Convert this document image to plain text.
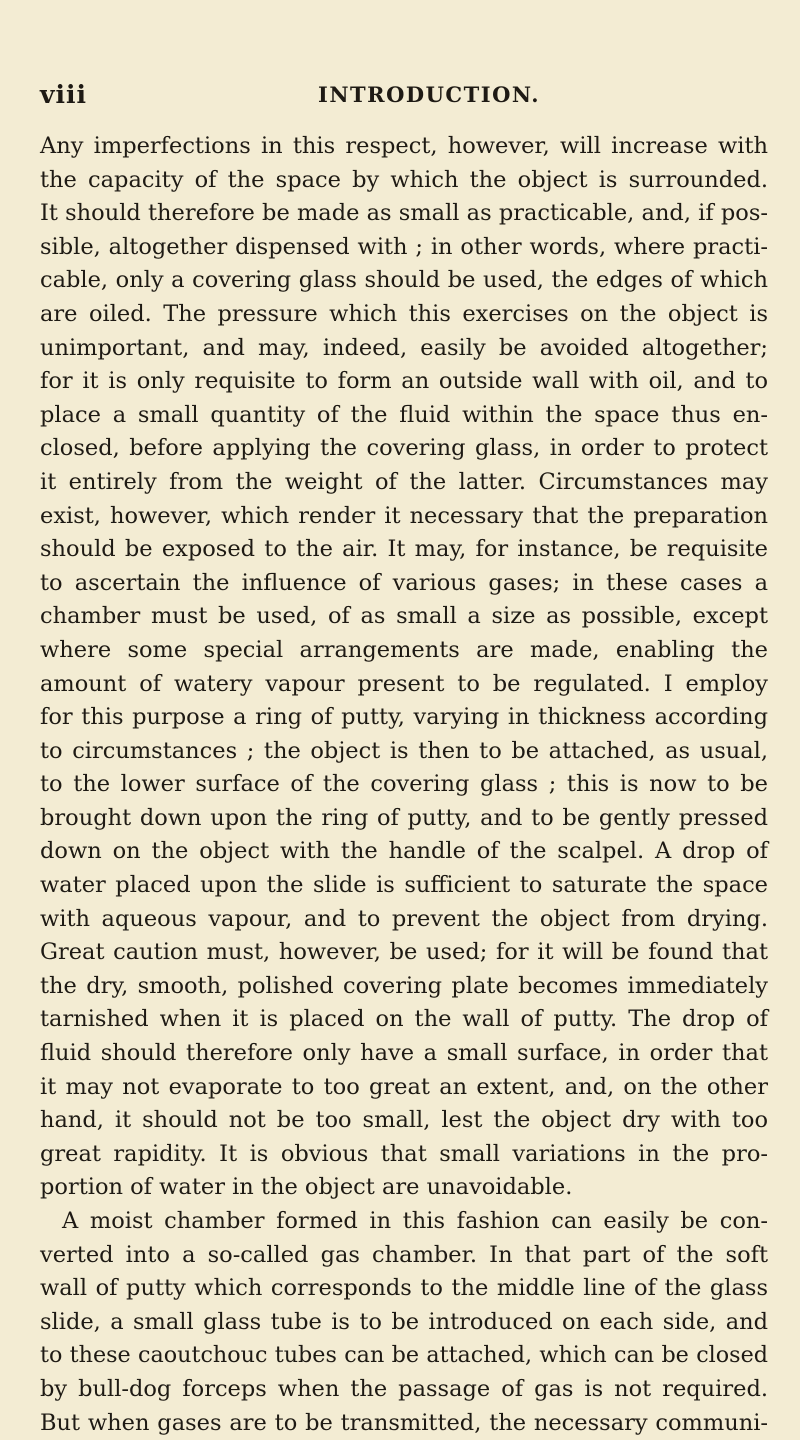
viii	INTRODUCTION.
Any imperfections in this respect, however, will increase with
the capacity of the space by which the object is surrounded.
It should therefore be made as small as practicable, and, if pos-
sible, altogether dispensed with ; in other words, where practi-
cable, only a covering glass should be used, the edges of which
are oiled. The pressure which this exercises on the object is
unimportant, and may, indeed, easily be avoided altogether;
for it is only requisite to form an outside wall with oil, and to
place a small quantity of the fluid within the space thus en-
closed, before applying the covering glass, in order to protect
it entirely from the weight of the latter. Circumstances may
exist, however, which render it necessary that the preparation
should be exposed to the air. It may, for instance, be requisite
to ascertain the influence of various gases; in these cases a
chamber must be used, of as small a size as possible, except
where some special arrangements are made, enabling the
amount of watery vapour present to be regulated. I employ
for this purpose a ring of putty, varying in thickness according
to circumstances ; the object is then to be attached, as usual,
to the lower surface of the covering glass ; this is now to be
brought down upon the ring of putty, and to be gently pressed
down on the object with the handle of the scalpel. A drop of
water placed upon the slide is sufficient to saturate the space
with aqueous vapour, and to prevent the object from drying.
Great caution must, however, be used; for it will be found that
the dry, smooth, polished covering plate becomes immediately
tarnished when it is placed on the wall of putty. The drop of
fluid should therefore only have a small surface, in order that
it may not evaporate to too great an extent, and, on the other
hand, it should not be too small, lest the object dry with too
great rapidity. It is obvious that small variations in the pro-
portion of water in the object are unavoidable.
A moist chamber formed in this fashion can easily be con-
verted into a so-called gas chamber. In that part of the soft
wall of putty which corresponds to the middle line of the glass
slide, a small glass tube is to be introduced on each side, and
to these caoutchouc tubes can be attached, which can be closed
by bull-dog forceps when the passage of gas is not required.
But when gases are to be transmitted, the necessary communi-
